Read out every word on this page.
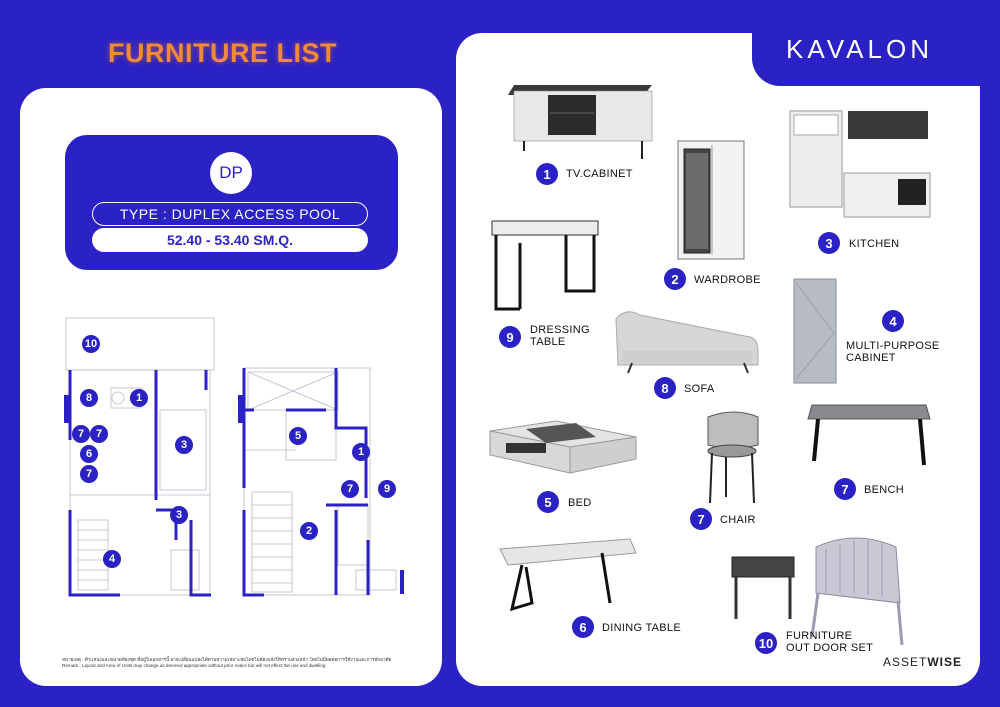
FURNITURE LIST	KAVALON
DP
TYPE : DUPLEX ACCESS POOL
52.40 - 53.40 SM.Q.
10
8	1
7	7
3
6
7
3
4
5
1
7	9
2
หมายเหตุ : ตำแหน่งและขนาดห้องชุด ที่อยู่ในเอกสารนี้ อาจเปลี่ยนแปลงได้ตามความเหมาะสมโดยไม่ต้องแจ้งให้ทราบล่วงหน้า โดยไม่มีผลต่อการใช้งานและการพักอาศัย
Remark : Layout and Area of Units may change as deemed appropriate without prior notice but will not effect the use and dwelling
1	TV.CABINET
2	WARDROBE
3	KITCHEN
4
MULTI-PURPOSE
CABINET
5	BED
6	DINING TABLE
7	CHAIR
7	BENCH
8	SOFA
9	DRESSING
TABLE
10	FURNITURE
OUT DOOR SET
ASSETWISE
